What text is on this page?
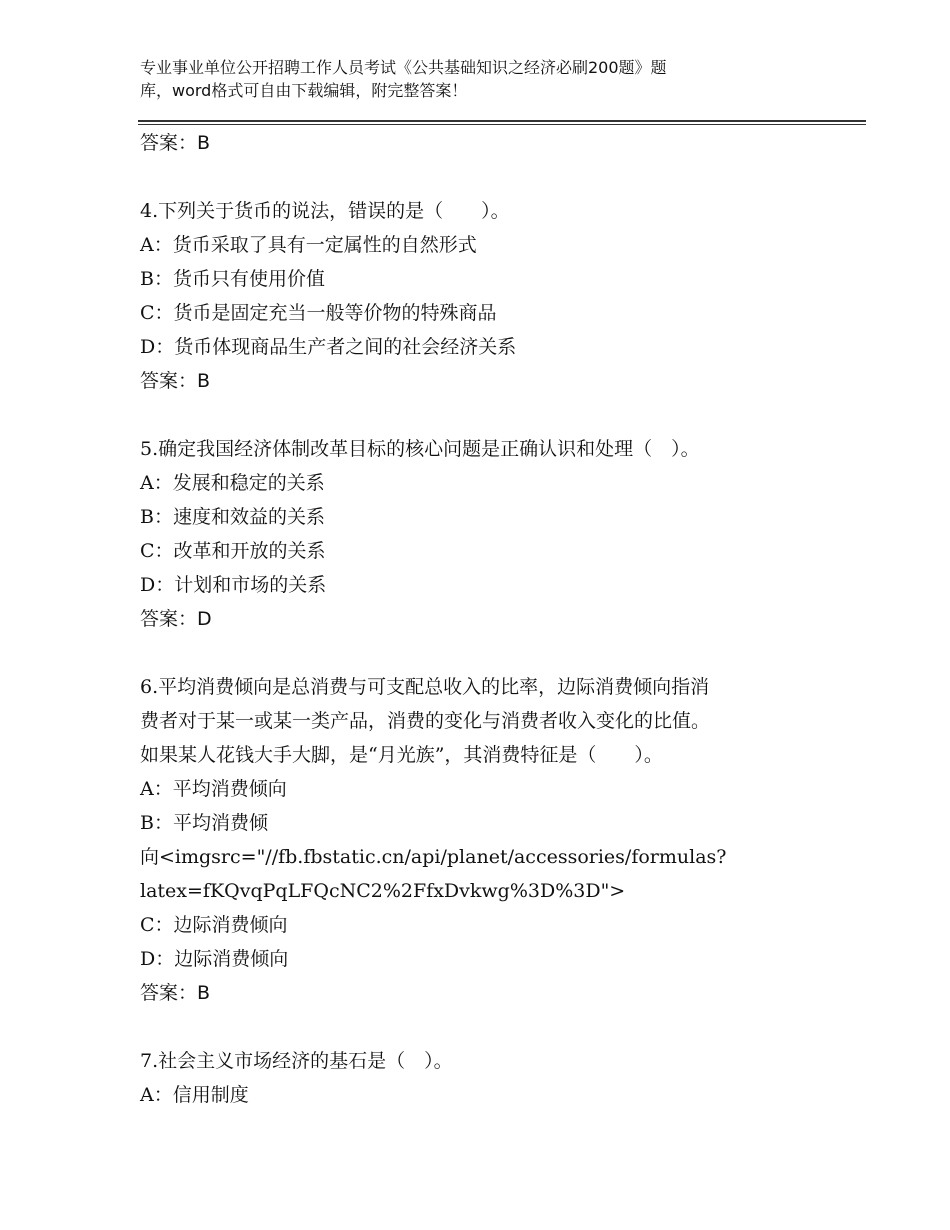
专业事业单位公开招聘工作人员考试《公共基础知识之经济必刷200题》题
库，word格式可自由下载编辑，附完整答案！
答案：B
4.下列关于货币的说法，错误的是（　　）。
A：货币采取了具有一定属性的自然形式
B：货币只有使用价值
C：货币是固定充当一般等价物的特殊商品
D：货币体现商品生产者之间的社会经济关系
答案：B
5.确定我国经济体制改革目标的核心问题是正确认识和处理（　）。
A：发展和稳定的关系
B：速度和效益的关系
C：改革和开放的关系
D：计划和市场的关系
答案：D
6.平均消费倾向是总消费与可支配总收入的比率，边际消费倾向指消
费者对于某一或某一类产品，消费的变化与消费者收入变化的比值。
如果某人花钱大手大脚，是“月光族”，其消费特征是（　　）。
A：平均消费倾向
B：平均消费倾
向<imgsrc="//fb.fbstatic.cn/api/planet/accessories/formulas?
latex=fKQvqPqLFQcNC2%2FfxDvkwg%3D%3D">
C：边际消费倾向
D：边际消费倾向
答案：B
7.社会主义市场经济的基石是（　）。
A：信用制度
